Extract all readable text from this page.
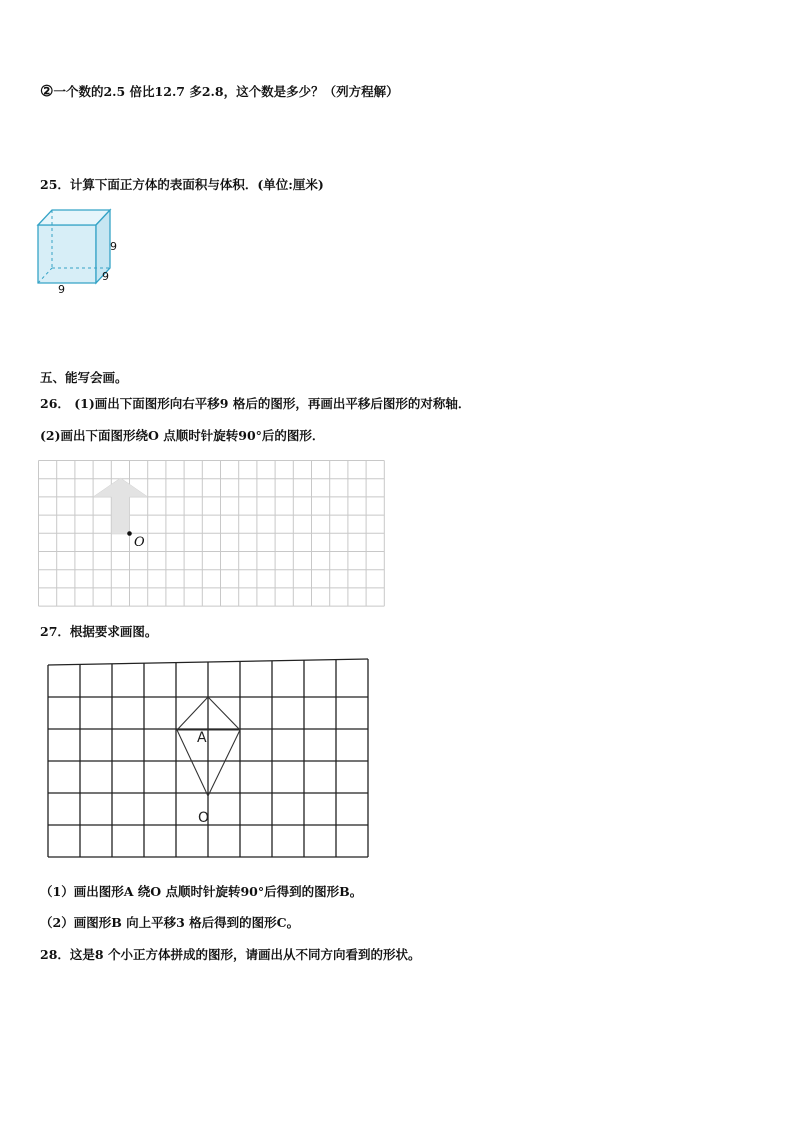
②一个数的2.5 倍比12.7 多2.8，这个数是多少？（列方程解）
25．计算下面正方体的表面积与体积．(单位:厘米)
9
9
9
五、能写会画。
26． (1)画出下面图形向右平移9 格后的图形，再画出平移后图形的对称轴．
(2)画出下面图形绕O 点顺时针旋转90°后的图形．
O
27．根据要求画图。
A
O
（1）画出图形A 绕O 点顺时针旋转90°后得到的图形B。
（2）画图形B 向上平移3 格后得到的图形C。
28．这是8 个小正方体拼成的图形，请画出从不同方向看到的形状。
